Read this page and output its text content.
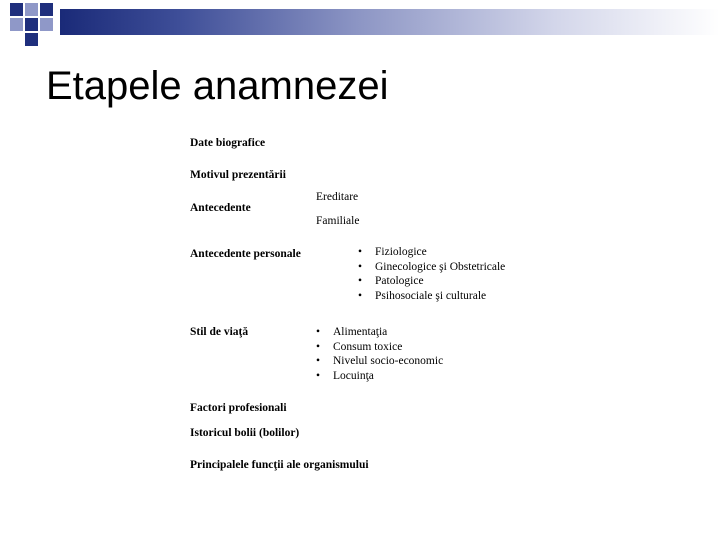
Etapele anamnezei
Date biografice
Motivul prezentării
Antecedente
Ereditare
Familiale
Antecedente personale	• Fiziologice
• Ginecologice şi Obstetricale
• Patologice
• Psihosociale şi culturale
Stil de viaţă	• Alimentaţia
• Consum toxice
• Nivelul socio-economic
• Locuinţa
Factori profesionali
Istoricul bolii (bolilor)
Principalele funcţii ale organismului
